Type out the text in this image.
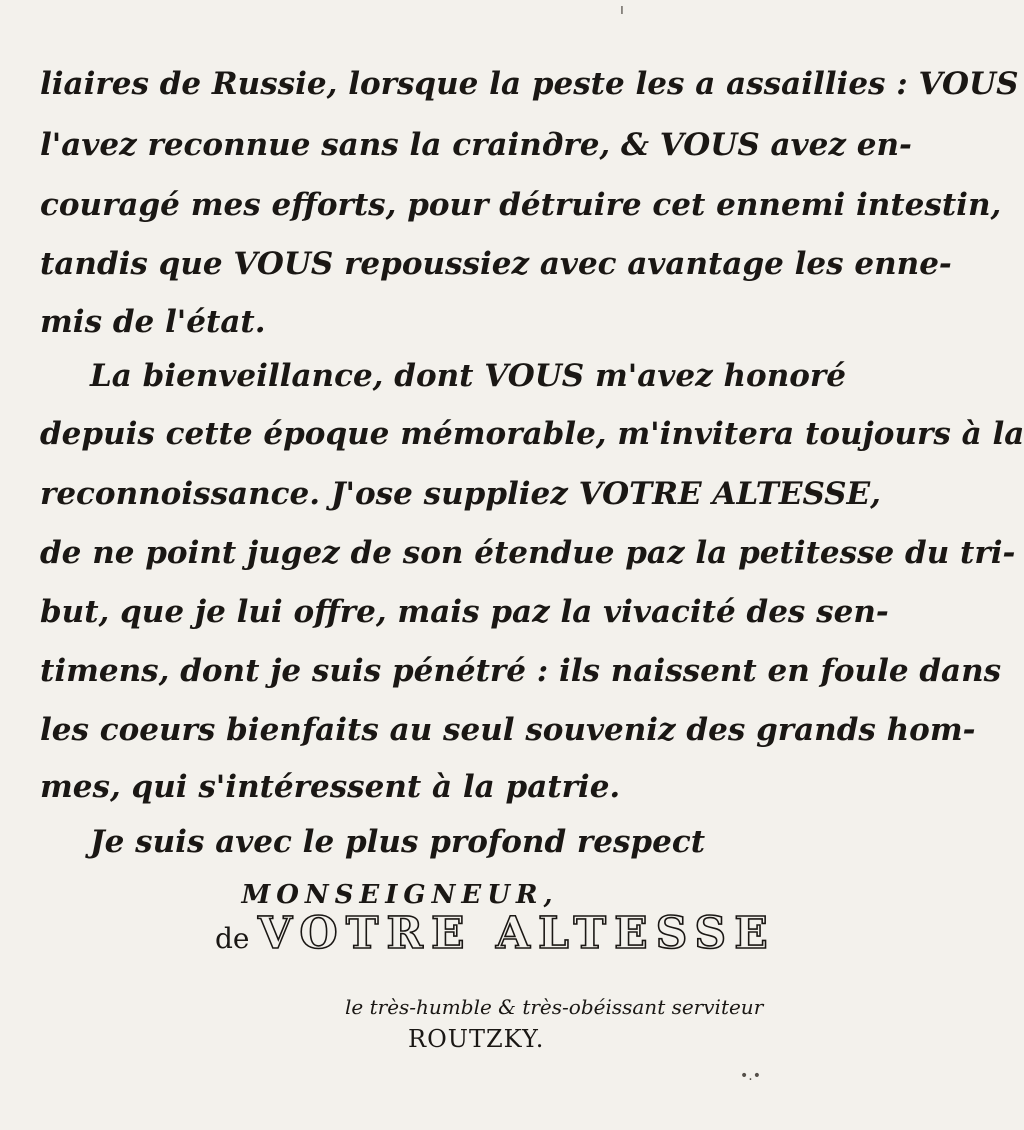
ı
liaires de Russie, lorsque la peste les a assaillies : VOUS
l'avez reconnue sans la crainдre, & VOUS avez en-
couragé mes efforts, pour détruire cet ennemi intestin,
tandis que VOUS repoussiez avec avantage les enne-
mis de l'état.
La bienveillance, dont VOUS m'avez honoré
depuis cette époque mémorable, m'invitera toujours à la
reconnoissance. J'ose suppliez VOTRE ALTESSE,
de ne point jugez de son étendue paz la petitesse du tri-
but, que je lui offre, mais paz la vivacité des sen-
timens, dont je suis pénétré : ils naissent en foule dans
les coeurs bienfaits au seul souveniz des grands hom-
mes, qui s'intéressent à la patrie.
Je suis avec le plus profond respect
MONSEIGNEUR,
de VOTRE ALTESSE
le très-humble & très-obéissant serviteur
ROUTZKY.
•.•
